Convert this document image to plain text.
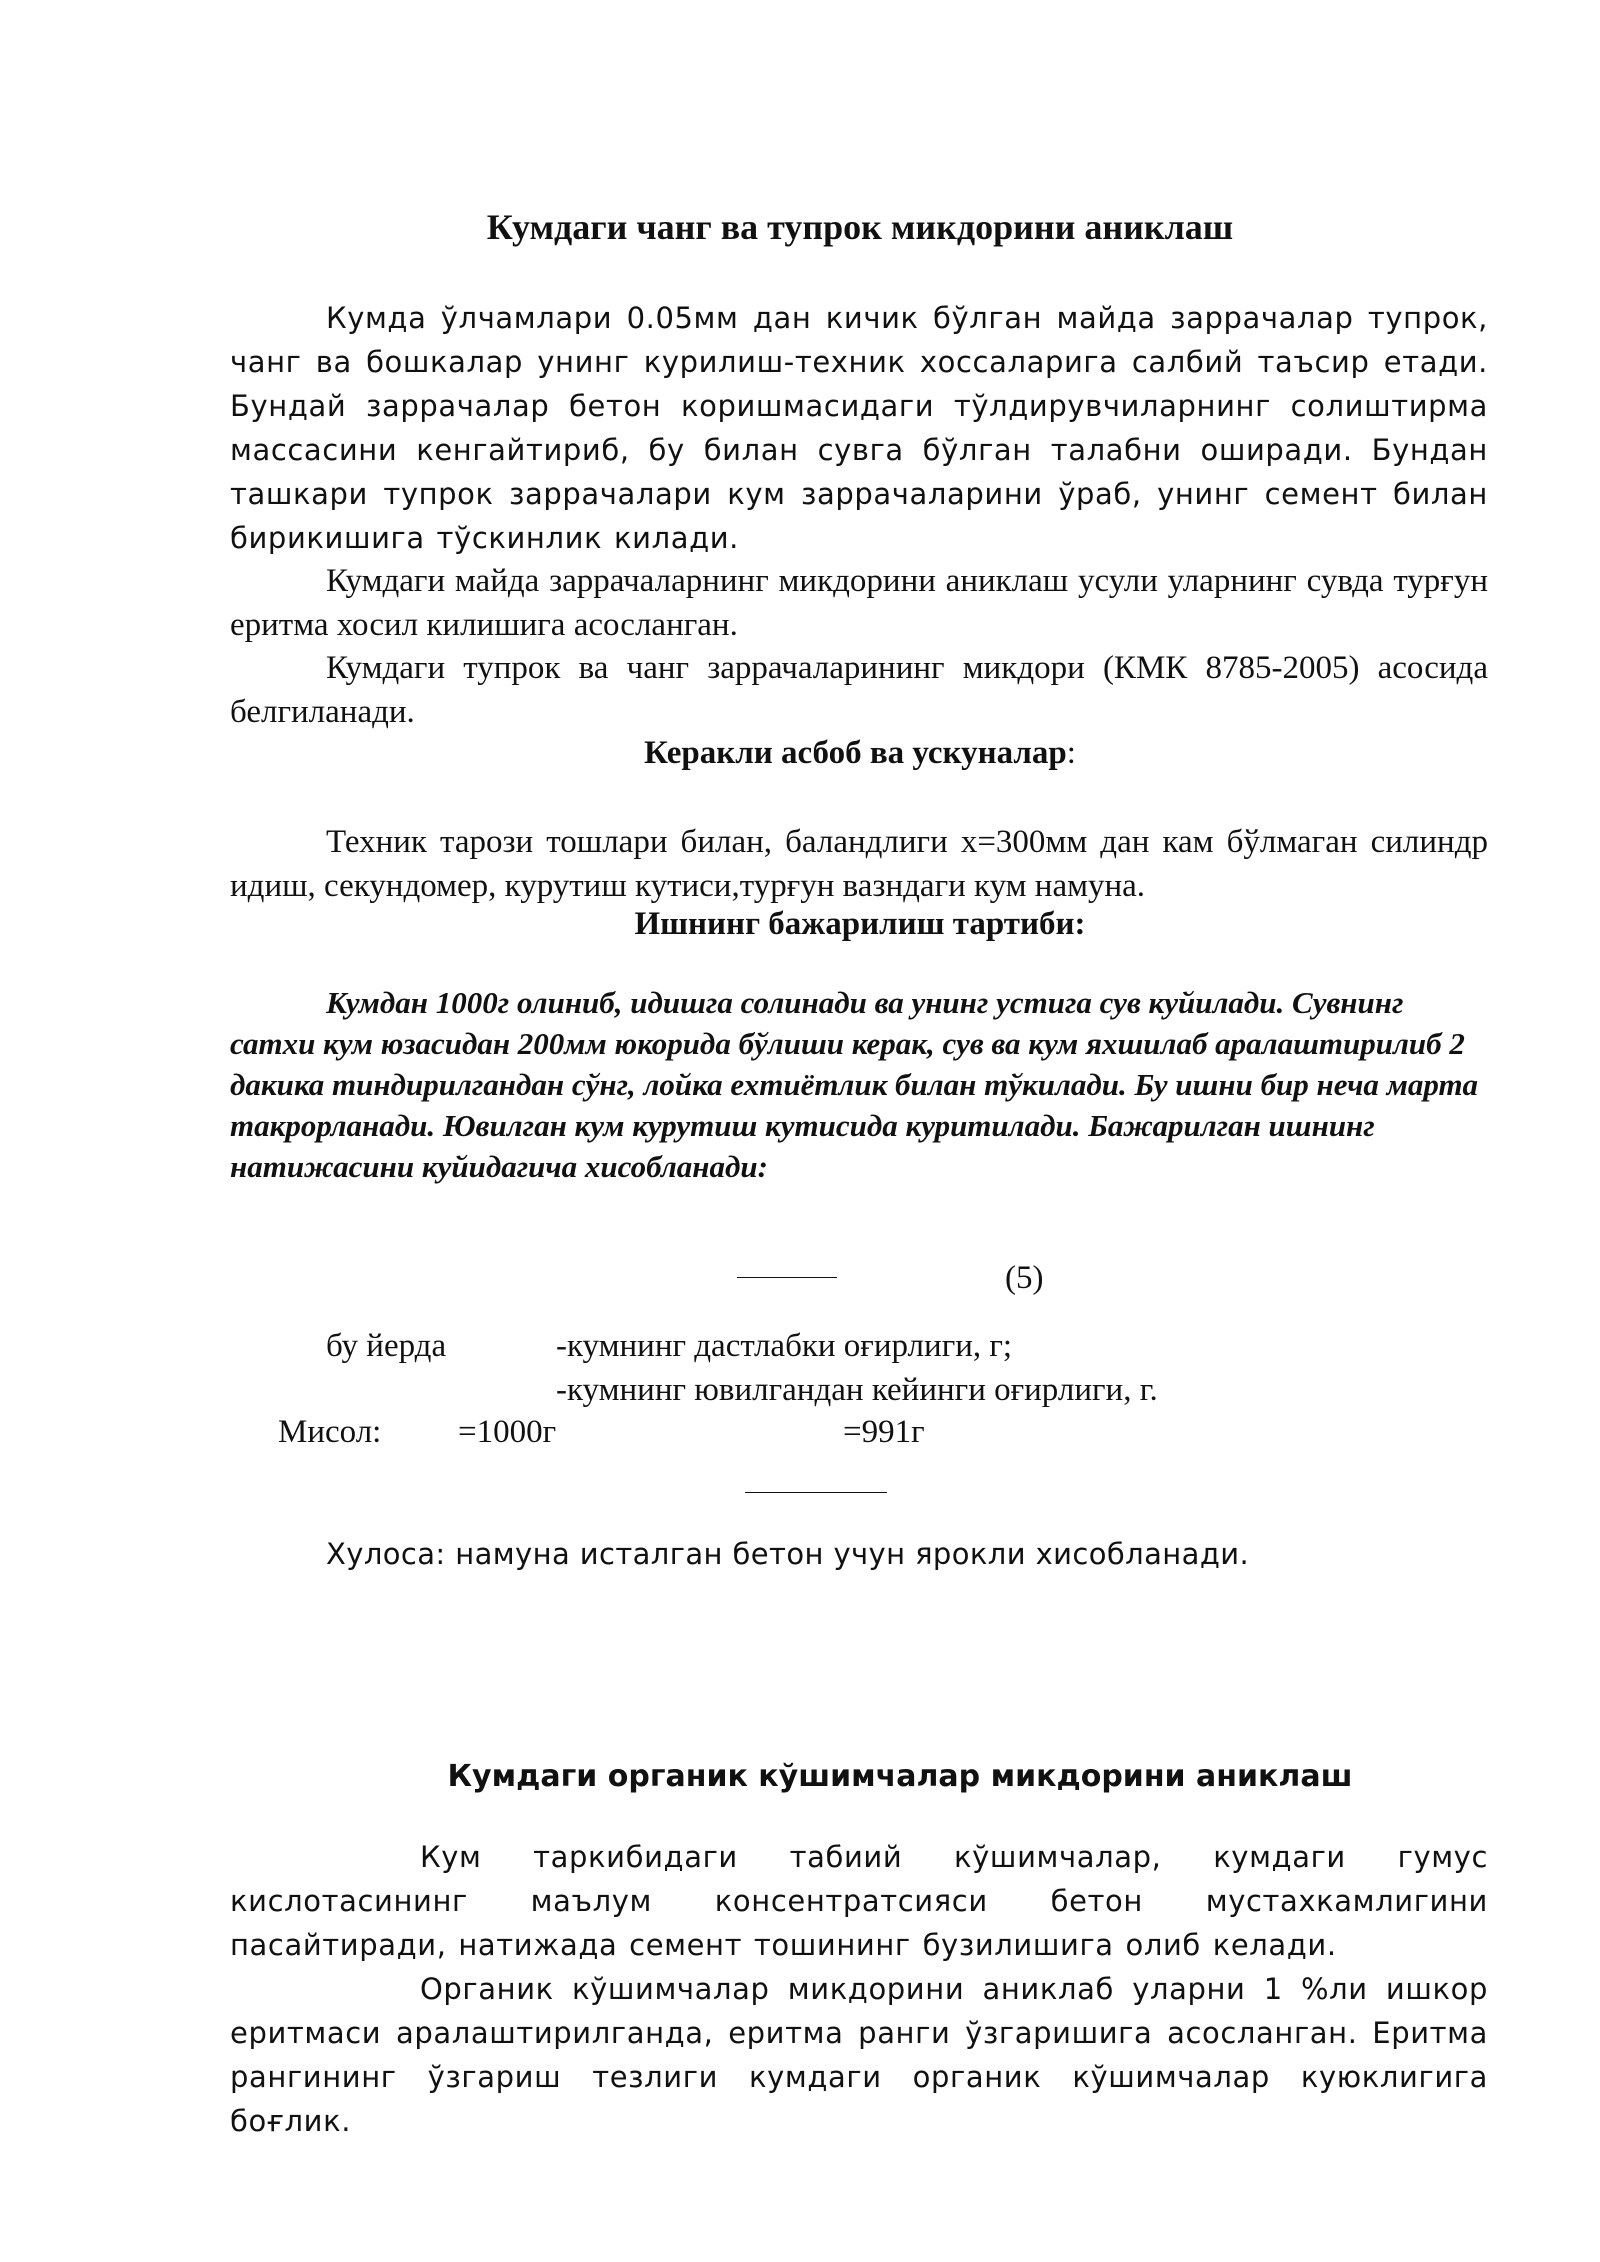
Кумдаги чанг ва тупрок микдорини аниклаш

Кумда ўлчамлари 0.05мм дан кичик бўлган майда заррачалар тупрок, чанг ва бошкалар унинг курилиш-техник хоссаларига салбий таъсир етади. Бундай заррачалар бетон коришмасидаги тўлдирувчиларнинг солиштирма массасини кенгайтириб, бу билан сувга бўлган талабни оширади. Бундан ташкари тупрок заррачалари кум заррачаларини ўраб, унинг семент билан бирикишига тўскинлик килади.

Кумдаги майда заррачаларнинг микдорини аниклаш усули уларнинг сувда турғун еритма хосил килишига асосланган.

Кумдаги тупрок ва чанг заррачаларининг микдори (КМК 8785-2005) асосида белгиланади.

Керакли асбоб ва ускуналар:

Техник тарози тошлари билан, баландлиги х=300мм дан кам бўлмаган силиндр идиш, секундомер, курутиш кутиси,турғун вазндаги кум намуна.

Ишнинг бажарилиш тартиби:

Кумдан 1000г олиниб, идишга солинади ва унинг устига сув куйилади. Сувнинг сатхи кум юзасидан 200мм юкорида бўлиши керак, сув ва кум яхшилаб аралаштирилиб 2 дакика тиндирилгандан сўнг, лойка ехтиётлик билан тўкилади. Бу ишни бир неча марта такрорланади. Ювилган кум курутиш кутисида куритилади. Бажарилган ишнинг натижасини куйидагича хисобланади:

(5)
бу йерда	-кумнинг дастлабки оғирлиги, г;
-кумнинг ювилгандан кейинги оғирлиги, г.
Мисол: =1000г	=991г
Хулоса: намуна исталган бетон учун ярокли хисобланади.
Кумдаги органик кўшимчалар микдорини аниклаш

Кум таркибидаги табиий кўшимчалар, кумдаги гумус кислотасининг маълум консентратсияси бетон мустахкамлигини пасайтиради, натижада семент тошининг бузилишига олиб келади.

Органик кўшимчалар микдорини аниклаб уларни 1 %ли ишкор еритмаси аралаштирилганда, еритма ранги ўзгаришига асосланган. Еритма рангининг ўзгариш тезлиги кумдаги органик кўшимчалар куюклигига боғлик.
